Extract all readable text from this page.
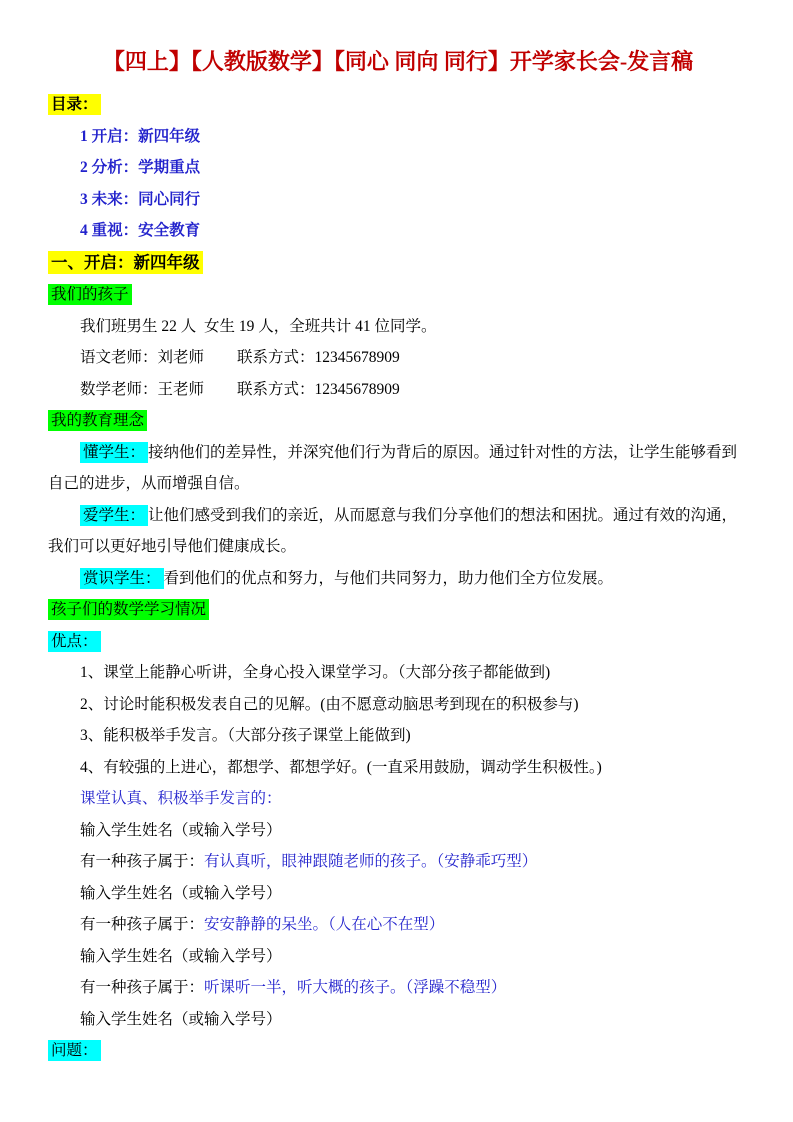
【四上】【人教版数学】【同心 同向 同行】开学家长会-发言稿

目录：

1 开启：新四年级

2 分析：学期重点

3 未来：同心同行

4 重视：安全教育

一、开启：新四年级

我们的孩子

我们班男生 22 人  女生 19 人，全班共计 41 位同学。

语文老师：刘老师 联系方式：12345678909

数学老师：王老师 联系方式：12345678909

我的教育理念

懂学生： 接纳他们的差异性，并深究他们行为背后的原因。通过针对性的方法，让学生能够看到自己的进步，从而增强自信。

爱学生： 让他们感受到我们的亲近，从而愿意与我们分享他们的想法和困扰。通过有效的沟通，我们可以更好地引导他们健康成长。

赏识学生： 看到他们的优点和努力，与他们共同努力，助力他们全方位发展。

孩子们的数学学习情况

优点：

1、课堂上能静心听讲，全身心投入课堂学习。（大部分孩子都能做到)

2、讨论时能积极发表自己的见解。(由不愿意动脑思考到现在的积极参与)

3、能积极举手发言。（大部分孩子课堂上能做到)

4、有较强的上进心，都想学、都想学好。(一直采用鼓励，调动学生积极性。)

课堂认真、积极举手发言的：

输入学生姓名（或输入学号）

有一种孩子属于：有认真听，眼神跟随老师的孩子。（安静乖巧型）

输入学生姓名（或输入学号）

有一种孩子属于：安安静静的呆坐。（人在心不在型）

输入学生姓名（或输入学号）

有一种孩子属于：听课听一半，听大概的孩子。（浮躁不稳型）

输入学生姓名（或输入学号）

问题：
